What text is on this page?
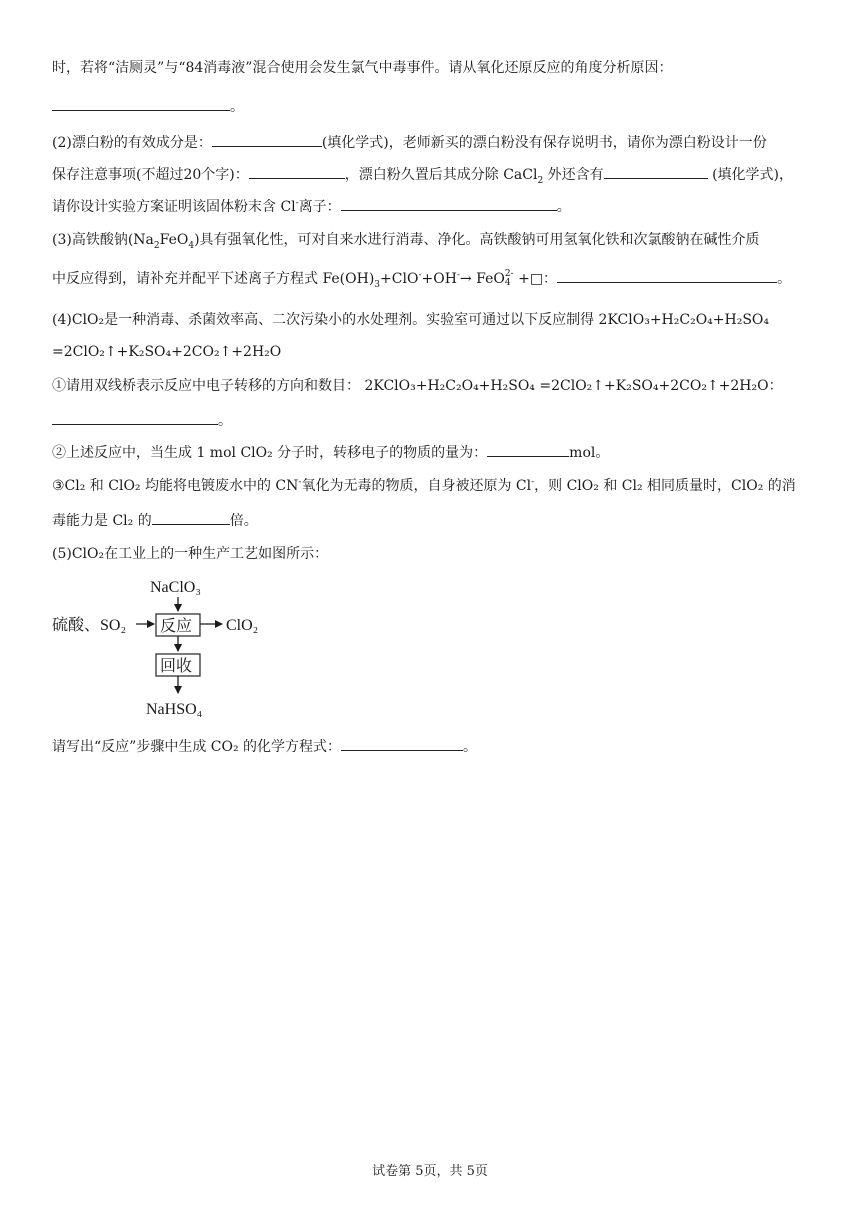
时，若将“洁厕灵”与“84消毒液”混合使用会发生氯气中毒事件。请从氧化还原反应的角度分析原因：
。
(2)漂白粉的有效成分是：	(填化学式)，老师新买的漂白粉没有保存说明书，请你为漂白粉设计一份
保存注意事项(不超过20个字)：	，漂白粉久置后其成分除 CaCl$_2$ 外还含有	(填化学式)，
请你设计实验方案证明该固体粉末含 Cl-离子：	。
(3)高铁酸钠$(Na_2FeO_4)$具有强氧化性，可对自来水进行消毒、净化。高铁酸钠可用氢氧化铁和次氯酸钠在碱性介质
中反应得到，请补充并配平下述离子方程式 $Fe(OH)_3+ClO^-+OH^-\to FeO2-$
4 +□：	。
(4)ClO₂是一种消毒、杀菌效率高、二次污染小的水处理剂。实验室可通过以下反应制得 2KClO₃+H₂C₂O₄+H₂SO₄
=2ClO₂↑+K₂SO₄+2CO₂↑+2H₂O
①请用双线桥表示反应中电子转移的方向和数目： 2KClO₃+H₂C₂O₄+H₂SO₄ =2ClO₂↑+K₂SO₄+2CO₂↑+2H₂O：
。
②上述反应中，当生成 1 mol ClO₂ 分子时，转移电子的物质的量为：	mol。
③Cl₂ 和 ClO₂ 均能将电镀废水中的 CN-氧化为无毒的物质，自身被还原为 Cl-，则 ClO₂ 和 Cl₂ 相同质量时，ClO₂ 的消
毒能力是 Cl₂ 的	倍。
(5)ClO₂在工业上的一种生产工艺如图所示：
NaClO₃
硫酸、SO₂ 反应 ClO₂
回收
NaHSO₄
请写出“反应”步骤中生成 CO₂ 的化学方程式：	。
试卷第 5页，共 5页
